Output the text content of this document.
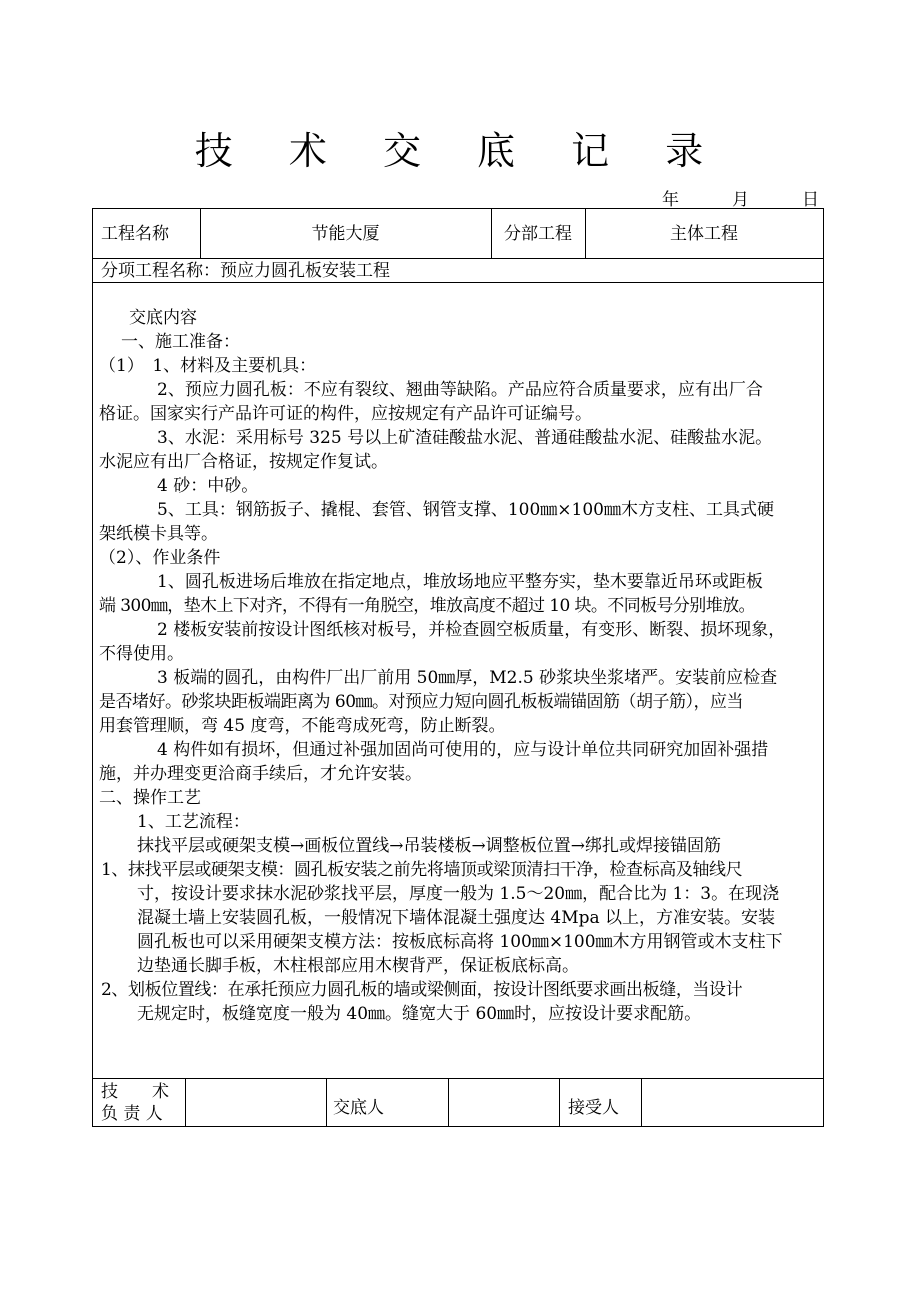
技 术 交 底 记 录
年	月	日
工程名称	节能大厦	分部工程	主体工程
分项工程名称：预应力圆孔板安装工程
交底内容
一、施工准备：
（1）　1、材料及主要机具：
2、预应力圆孔板：不应有裂纹、翘曲等缺陷。产品应符合质量要求，应有出厂合
格证。国家实行产品许可证的构件，应按规定有产品许可证编号。
3、水泥：采用标号 325 号以上矿渣硅酸盐水泥、普通硅酸盐水泥、硅酸盐水泥。
水泥应有出厂合格证，按规定作复试。
4 砂：中砂。
5、工具：钢筋扳子、撬棍、套管、钢管支撑、100㎜×100㎜木方支柱、工具式硬
架纸模卡具等。
（2）、作业条件
1、圆孔板进场后堆放在指定地点，堆放场地应平整夯实，垫木要靠近吊环或距板
端 300㎜，垫木上下对齐，不得有一角脱空，堆放高度不超过 10 块。不同板号分别堆放。
2 楼板安装前按设计图纸核对板号，并检查圆空板质量，有变形、断裂、损坏现象，
不得使用。
3 板端的圆孔，由构件厂出厂前用 50㎜厚，M2.5 砂浆块坐浆堵严。安装前应检查
是否堵好。砂浆块距板端距离为 60㎜。对预应力短向圆孔板板端锚固筋（胡子筋），应当
用套管理顺，弯 45 度弯，不能弯成死弯，防止断裂。
4 构件如有损坏，但通过补强加固尚可使用的，应与设计单位共同研究加固补强措
施，并办理变更洽商手续后，才允许安装。
二、操作工艺
1、工艺流程：
抹找平层或硬架支模→画板位置线→吊装楼板→调整板位置→绑扎或焊接锚固筋
1、抹找平层或硬架支模：圆孔板安装之前先将墙顶或梁顶清扫干净，检查标高及轴线尺
寸，按设计要求抹水泥砂浆找平层，厚度一般为 1.5～20㎜，配合比为 1：3。在现浇
混凝土墙上安装圆孔板，一般情况下墙体混凝土强度达 4Mpa 以上，方准安装。安装
圆孔板也可以采用硬架支模方法：按板底标高将 100㎜×100㎜木方用钢管或木支柱下
边垫通长脚手板，木柱根部应用木楔背严，保证板底标高。
2、划板位置线：在承托预应力圆孔板的墙或梁侧面，按设计图纸要求画出板缝，当设计
无规定时，板缝宽度一般为 40㎜。缝宽大于 60㎜时，应按设计要求配筋。
技　　术
负 责 人	交底人	接受人
